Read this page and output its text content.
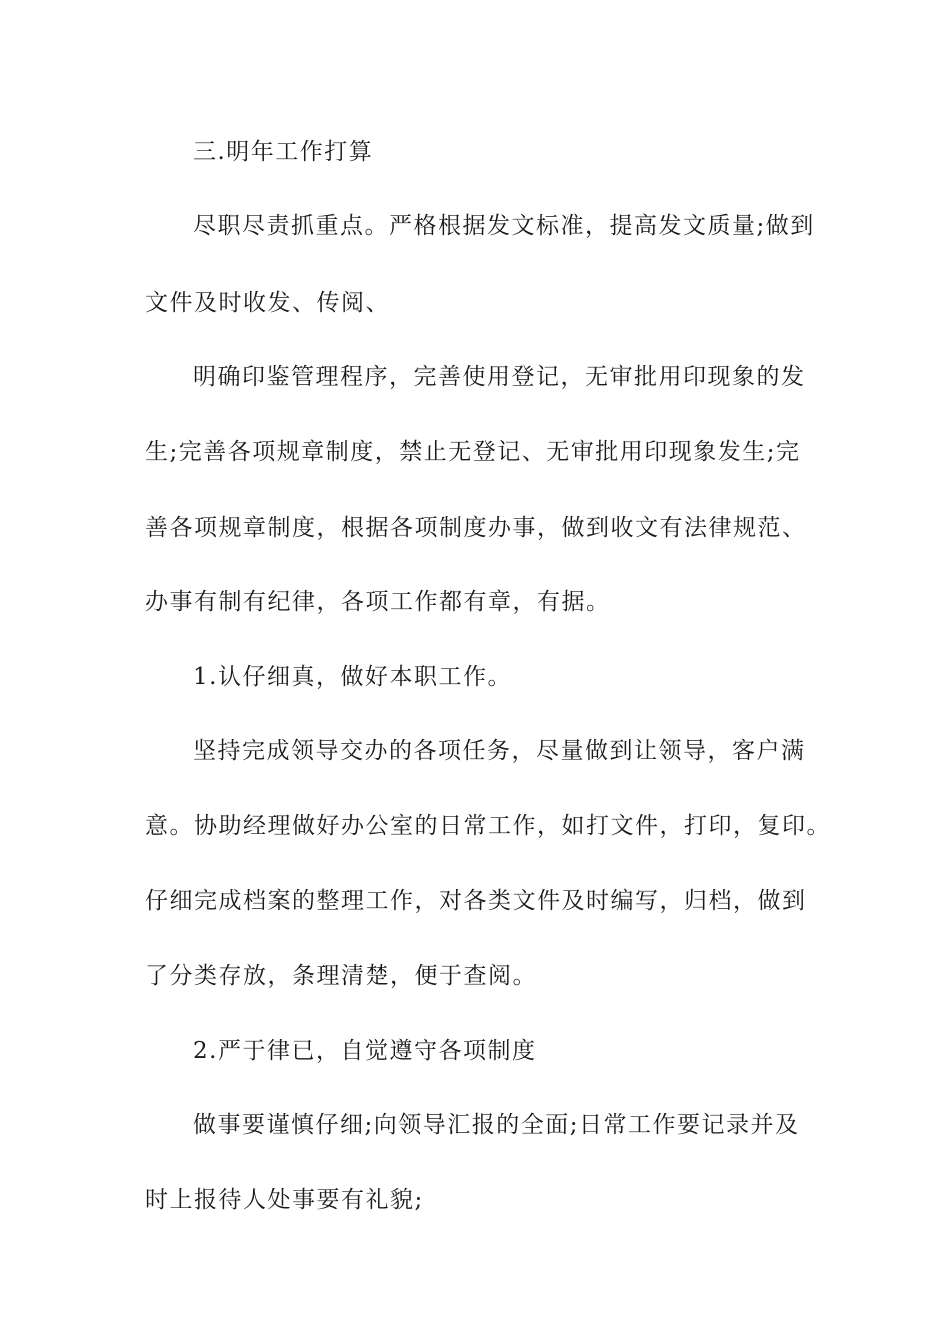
三.明年工作打算
尽职尽责抓重点。严格根据发文标准，提高发文质量;做到
文件及时收发、传阅、
明确印鉴管理程序，完善使用登记，无审批用印现象的发
生;完善各项规章制度，禁止无登记、无审批用印现象发生;完
善各项规章制度，根据各项制度办事，做到收文有法律规范、
办事有制有纪律，各项工作都有章，有据。
1.认仔细真，做好本职工作。
坚持完成领导交办的各项任务，尽量做到让领导，客户满
意。协助经理做好办公室的日常工作，如打文件，打印，复印。
仔细完成档案的整理工作，对各类文件及时编写，归档，做到
了分类存放，条理清楚，便于查阅。
2.严于律已，自觉遵守各项制度
做事要谨慎仔细;向领导汇报的全面;日常工作要记录并及
时上报待人处事要有礼貌;
